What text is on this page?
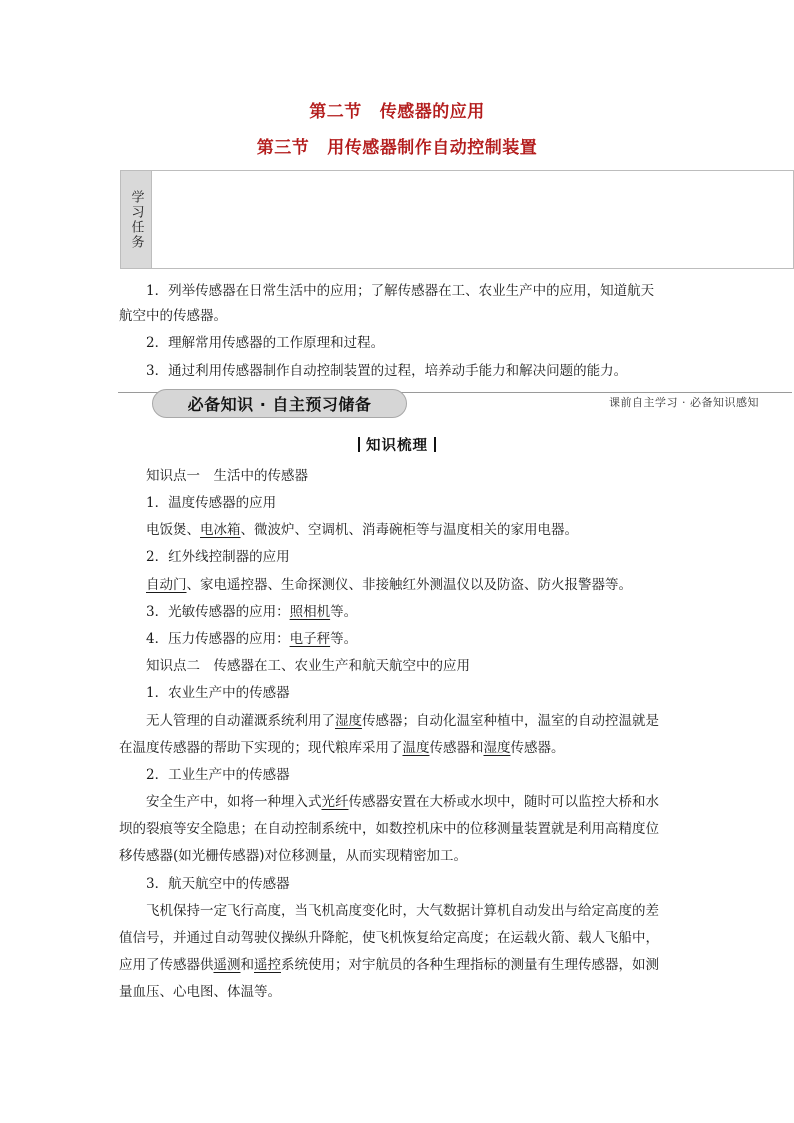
第二节 传感器的应用
第三节 用传感器制作自动控制装置
学习任务
1．列举传感器在日常生活中的应用；了解传感器在工、农业生产中的应用，知道航天
航空中的传感器。
2．理解常用传感器的工作原理和过程。
3．通过利用传感器制作自动控制装置的过程，培养动手能力和解决问题的能力。
必备知识 · 自主预习储备	课前自主学习 · 必备知识感知
知识梳理
知识点一　生活中的传感器
1．温度传感器的应用
电饭煲、电冰箱、微波炉、空调机、消毒碗柜等与温度相关的家用电器。
2．红外线控制器的应用
自动门、家电遥控器、生命探测仪、非接触红外测温仪以及防盗、防火报警器等。
3．光敏传感器的应用：照相机等。
4．压力传感器的应用：电子秤等。
知识点二　传感器在工、农业生产和航天航空中的应用
1．农业生产中的传感器
无人管理的自动灌溉系统利用了湿度传感器；自动化温室种植中，温室的自动控温就是
在温度传感器的帮助下实现的；现代粮库采用了温度传感器和湿度传感器。
2．工业生产中的传感器
安全生产中，如将一种埋入式光纤传感器安置在大桥或水坝中，随时可以监控大桥和水
坝的裂痕等安全隐患；在自动控制系统中，如数控机床中的位移测量装置就是利用高精度位
移传感器(如光栅传感器)对位移测量，从而实现精密加工。
3．航天航空中的传感器
飞机保持一定飞行高度，当飞机高度变化时，大气数据计算机自动发出与给定高度的差
值信号，并通过自动驾驶仪操纵升降舵，使飞机恢复给定高度；在运载火箭、载人飞船中，
应用了传感器供遥测和遥控系统使用；对宇航员的各种生理指标的测量有生理传感器，如测
量血压、心电图、体温等。
